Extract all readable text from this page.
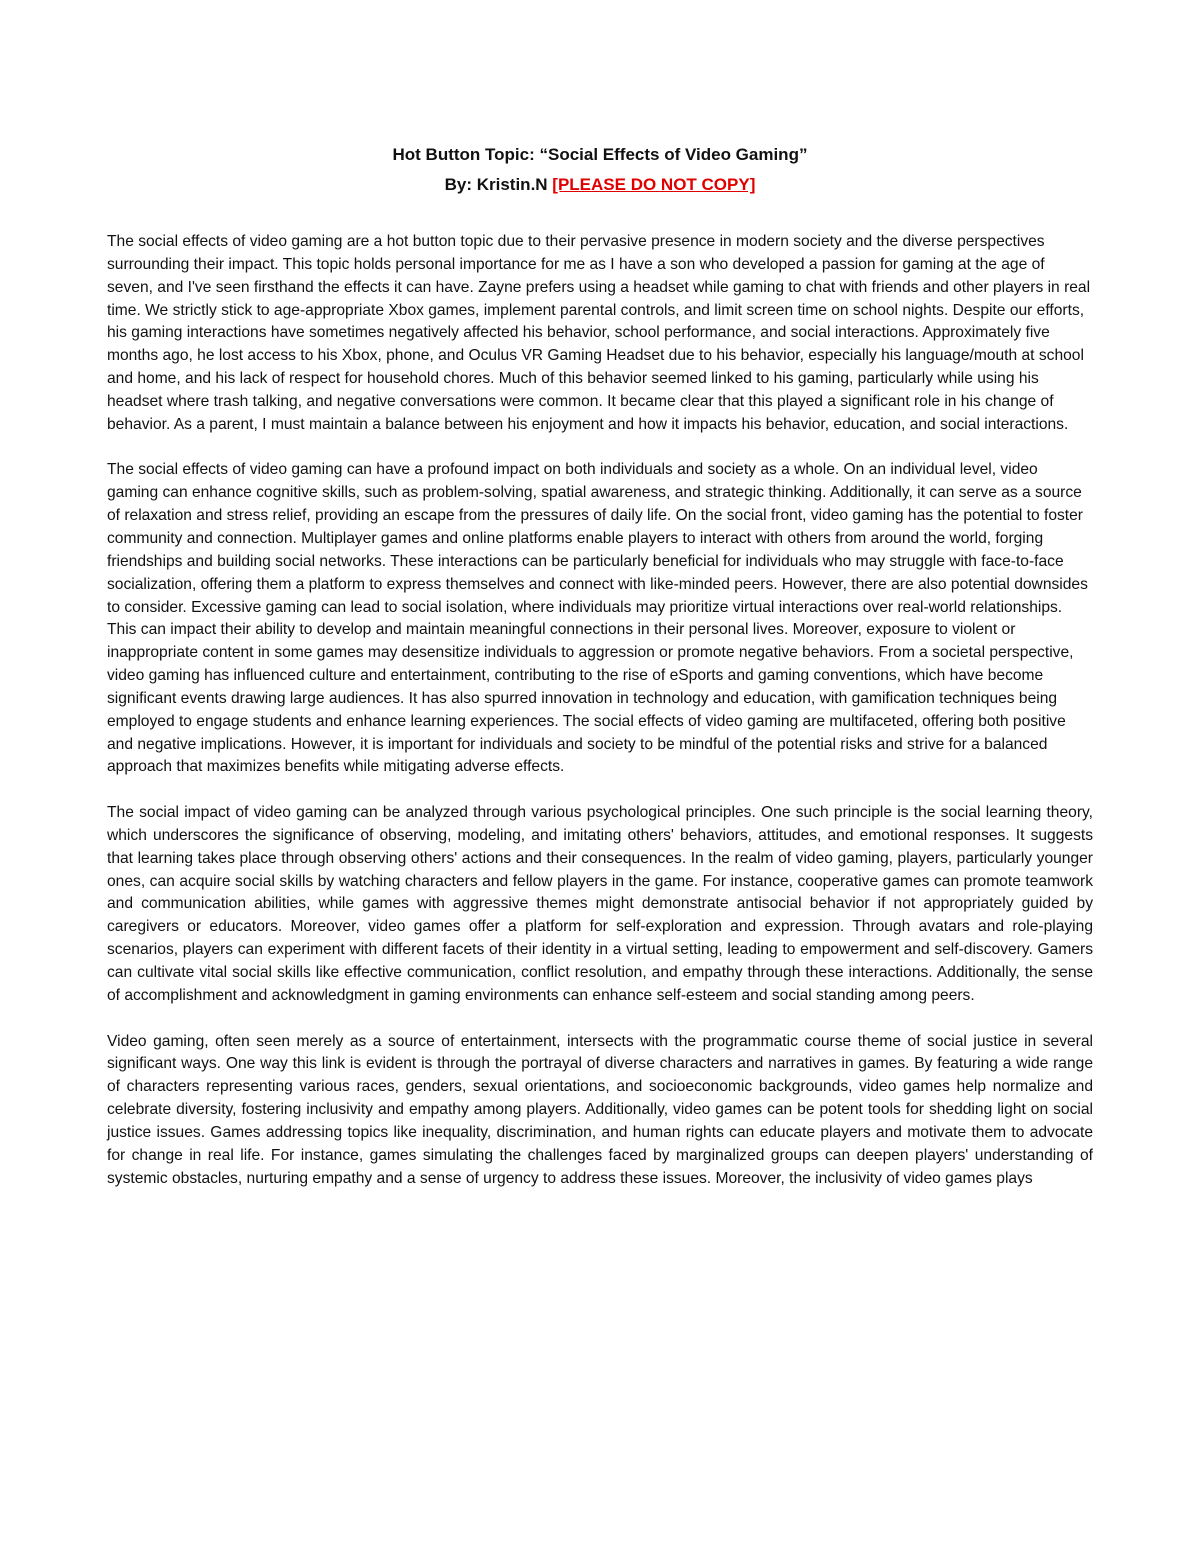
Hot Button Topic: “Social Effects of Video Gaming”
By: Kristin.N [PLEASE DO NOT COPY]

The social effects of video gaming are a hot button topic due to their pervasive presence in modern society and the diverse perspectives surrounding their impact. This topic holds personal importance for me as I have a son who developed a passion for gaming at the age of seven, and I've seen firsthand the effects it can have. Zayne prefers using a headset while gaming to chat with friends and other players in real time. We strictly stick to age-appropriate Xbox games, implement parental controls, and limit screen time on school nights. Despite our efforts, his gaming interactions have sometimes negatively affected his behavior, school performance, and social interactions. Approximately five months ago, he lost access to his Xbox, phone, and Oculus VR Gaming Headset due to his behavior, especially his language/mouth at school and home, and his lack of respect for household chores. Much of this behavior seemed linked to his gaming, particularly while using his headset where trash talking, and negative conversations were common. It became clear that this played a significant role in his change of behavior. As a parent, I must maintain a balance between his enjoyment and how it impacts his behavior, education, and social interactions.

The social effects of video gaming can have a profound impact on both individuals and society as a whole. On an individual level, video gaming can enhance cognitive skills, such as problem-solving, spatial awareness, and strategic thinking. Additionally, it can serve as a source of relaxation and stress relief, providing an escape from the pressures of daily life. On the social front, video gaming has the potential to foster community and connection. Multiplayer games and online platforms enable players to interact with others from around the world, forging friendships and building social networks. These interactions can be particularly beneficial for individuals who may struggle with face-to-face socialization, offering them a platform to express themselves and connect with like-minded peers. However, there are also potential downsides to consider. Excessive gaming can lead to social isolation, where individuals may prioritize virtual interactions over real-world relationships. This can impact their ability to develop and maintain meaningful connections in their personal lives. Moreover, exposure to violent or inappropriate content in some games may desensitize individuals to aggression or promote negative behaviors. From a societal perspective, video gaming has influenced culture and entertainment, contributing to the rise of eSports and gaming conventions, which have become significant events drawing large audiences. It has also spurred innovation in technology and education, with gamification techniques being employed to engage students and enhance learning experiences. The social effects of video gaming are multifaceted, offering both positive and negative implications. However, it is important for individuals and society to be mindful of the potential risks and strive for a balanced approach that maximizes benefits while mitigating adverse effects.

The social impact of video gaming can be analyzed through various psychological principles. One such principle is the social learning theory, which underscores the significance of observing, modeling, and imitating others' behaviors, attitudes, and emotional responses. It suggests that learning takes place through observing others' actions and their consequences. In the realm of video gaming, players, particularly younger ones, can acquire social skills by watching characters and fellow players in the game. For instance, cooperative games can promote teamwork and communication abilities, while games with aggressive themes might demonstrate antisocial behavior if not appropriately guided by caregivers or educators. Moreover, video games offer a platform for self-exploration and expression. Through avatars and role-playing scenarios, players can experiment with different facets of their identity in a virtual setting, leading to empowerment and self-discovery. Gamers can cultivate vital social skills like effective communication, conflict resolution, and empathy through these interactions. Additionally, the sense of accomplishment and acknowledgment in gaming environments can enhance self-esteem and social standing among peers.

Video gaming, often seen merely as a source of entertainment, intersects with the programmatic course theme of social justice in several significant ways. One way this link is evident is through the portrayal of diverse characters and narratives in games. By featuring a wide range of characters representing various races, genders, sexual orientations, and socioeconomic backgrounds, video games help normalize and celebrate diversity, fostering inclusivity and empathy among players. Additionally, video games can be potent tools for shedding light on social justice issues. Games addressing topics like inequality, discrimination, and human rights can educate players and motivate them to advocate for change in real life. For instance, games simulating the challenges faced by marginalized groups can deepen players' understanding of systemic obstacles, nurturing empathy and a sense of urgency to address these issues. Moreover, the inclusivity of video games plays
